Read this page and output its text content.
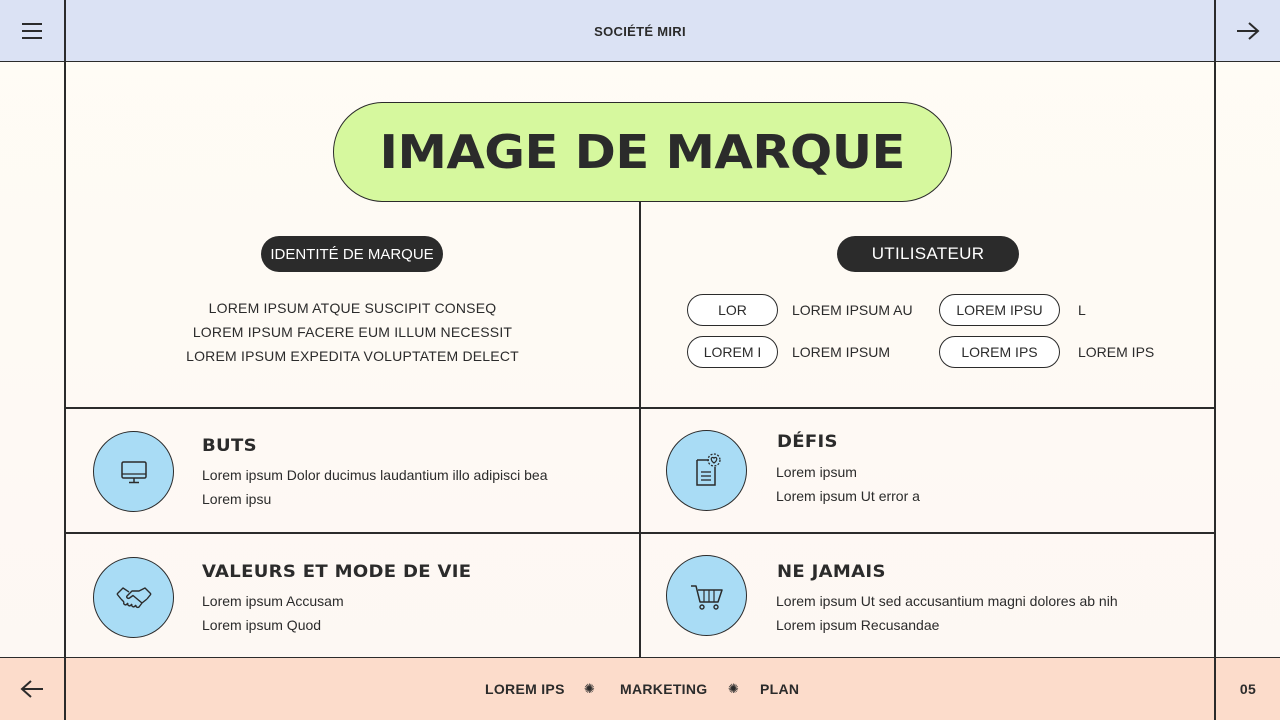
SOCIÉTÉ MIRI
IMAGE DE MARQUE
IDENTITÉ DE MARQUE
LOREM IPSUM ATQUE SUSCIPIT CONSEQ
LOREM IPSUM FACERE EUM ILLUM NECESSIT
LOREM IPSUM EXPEDITA VOLUPTATEM DELECT
UTILISATEUR
LOR	LOREM IPSUM AU	LOREM IPSU	L
LOREM I	LOREM IPSUM	LOREM IPS	LOREM IPS
BUTS
Lorem ipsum Dolor ducimus laudantium illo adipisci bea
Lorem ipsu
DÉFIS
Lorem ipsum
Lorem ipsum Ut error a
VALEURS ET MODE DE VIE
Lorem ipsum Accusam
Lorem ipsum Quod
NE JAMAIS
Lorem ipsum Ut sed accusantium magni dolores ab nih
Lorem ipsum Recusandae
LOREM IPS ✺ MARKETING ✺ PLAN	05
